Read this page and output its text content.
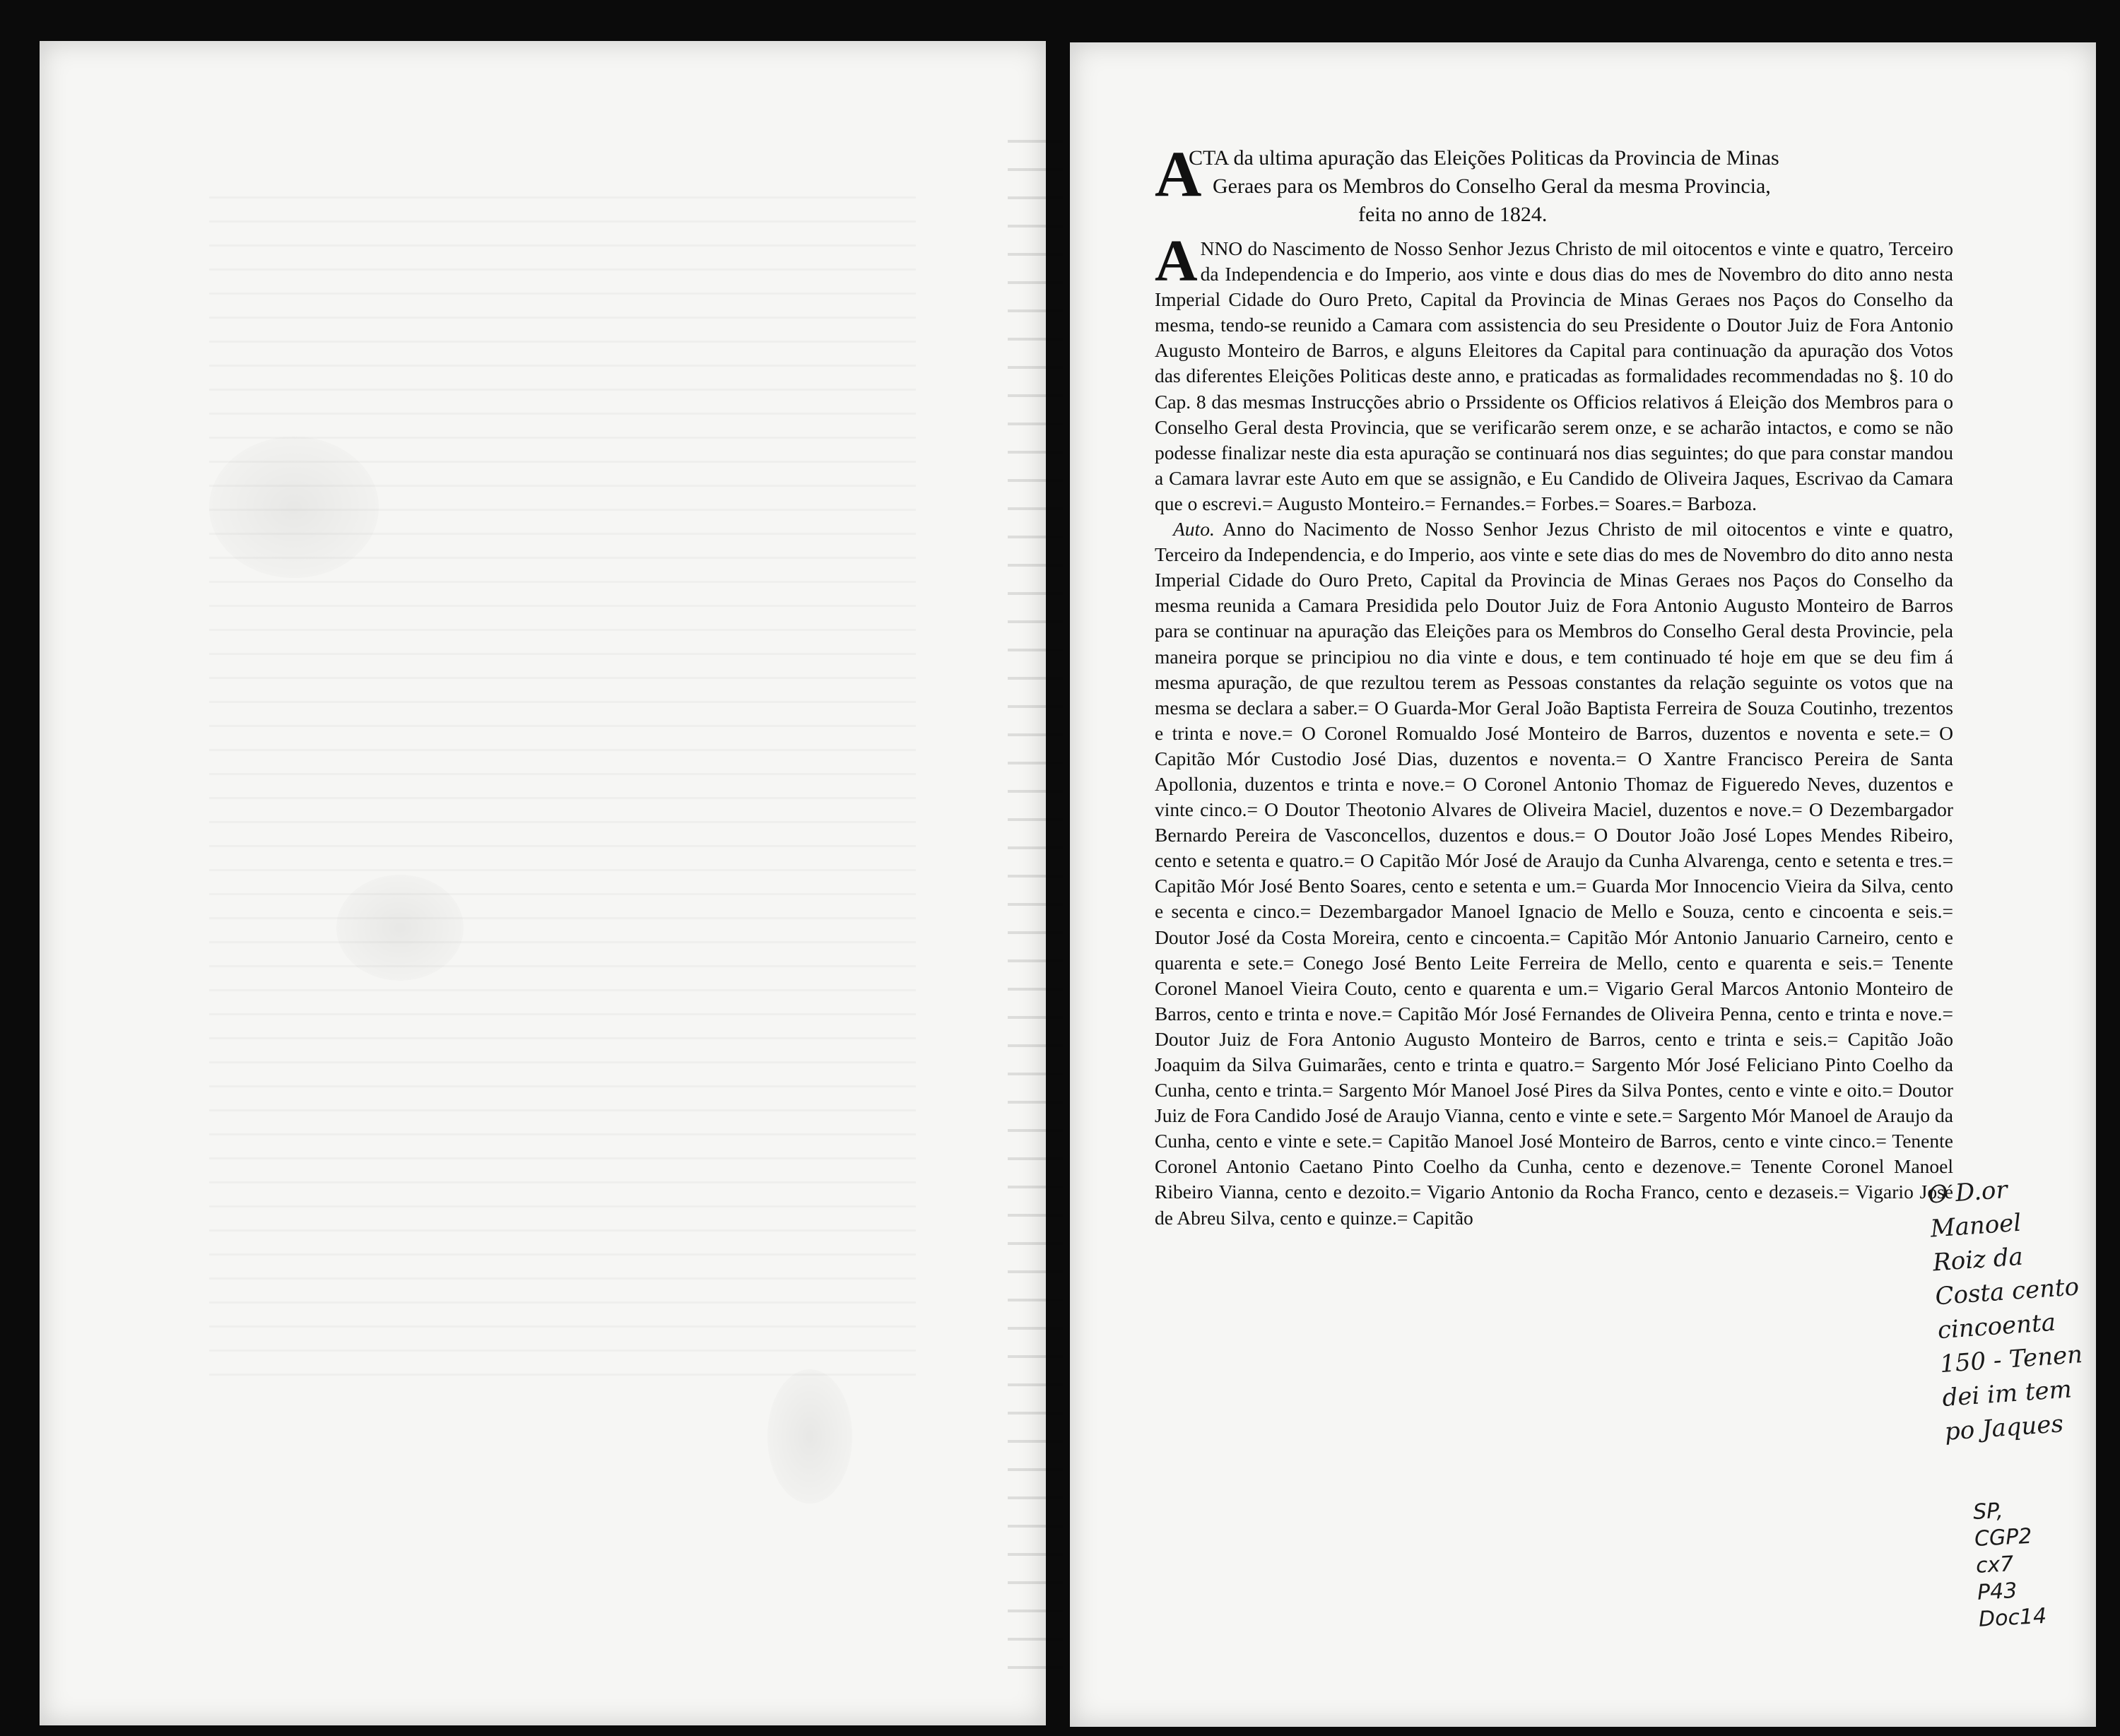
A
CTA da ultima apuração das Eleições Politicas da Provincia de Minas
Geraes para os Membros do Conselho Geral da mesma Provincia,
feita no anno de 1824.

ANNO do Nascimento de Nosso Senhor Jezus Christo de mil oitocentos e vinte e quatro, Terceiro da Independencia e do Imperio, aos vinte e dous dias do mes de Novembro do dito anno nesta Imperial Cidade do Ouro Preto, Capital da Provincia de Minas Geraes nos Paços do Conselho da mesma, tendo-se reunido a Camara com assistencia do seu Presidente o Doutor Juiz de Fora Antonio Augusto Monteiro de Barros, e alguns Eleitores da Capital para continuação da apuração dos Votos das diferentes Eleições Politicas deste anno, e praticadas as formalidades recommendadas no §. 10 do Cap. 8 das mesmas Instrucções abrio o Prssidente os Officios relativos á Eleição dos Membros para o Conselho Geral desta Provincia, que se verificarão serem onze, e se acharão intactos, e como se não podesse finalizar neste dia esta apuração se continuará nos dias seguintes; do que para constar mandou a Camara lavrar este Auto em que se assignão, e Eu Candido de Oliveira Jaques, Escrivao da Camara que o escrevi.= Augusto Monteiro.= Fernandes.= Forbes.= Soares.= Barboza.

Auto. Anno do Nacimento de Nosso Senhor Jezus Christo de mil oitocentos e vinte e quatro, Terceiro da Independencia, e do Imperio, aos vinte e sete dias do mes de Novembro do dito anno nesta Imperial Cidade do Ouro Preto, Capital da Provincia de Minas Geraes nos Paços do Conselho da mesma reunida a Camara Presidida pelo Doutor Juiz de Fora Antonio Augusto Monteiro de Barros para se continuar na apuração das Eleições para os Membros do Conselho Geral desta Provincie, pela maneira porque se principiou no dia vinte e dous, e tem continuado té hoje em que se deu fim á mesma apuração, de que rezultou terem as Pessoas constantes da relação seguinte os votos que na mesma se declara a saber.= O Guarda-Mor Geral João Baptista Ferreira de Souza Coutinho, trezentos e trinta e nove.= O Coronel Romualdo José Monteiro de Barros, duzentos e noventa e sete.= O Capitão Mór Custodio José Dias, duzentos e noventa.= O Xantre Francisco Pereira de Santa Apollonia, duzentos e trinta e nove.= O Coronel Antonio Thomaz de Figueredo Neves, duzentos e vinte cinco.= O Doutor Theotonio Alvares de Oliveira Maciel, duzentos e nove.= O Dezembargador Bernardo Pereira de Vasconcellos, duzentos e dous.= O Doutor João José Lopes Mendes Ribeiro, cento e setenta e quatro.= O Capitão Mór José de Araujo da Cunha Alvarenga, cento e setenta e tres.= Capitão Mór José Bento Soares, cento e setenta e um.= Guarda Mor Innocencio Vieira da Silva, cento e secenta e cinco.= Dezembargador Manoel Ignacio de Mello e Souza, cento e cincoenta e seis.= Doutor José da Costa Moreira, cento e cincoenta.= Capitão Mór Antonio Januario Carneiro, cento e quarenta e sete.= Conego José Bento Leite Ferreira de Mello, cento e quarenta e seis.= Tenente Coronel Manoel Vieira Couto, cento e quarenta e um.= Vigario Geral Marcos Antonio Monteiro de Barros, cento e trinta e nove.= Capitão Mór José Fernandes de Oliveira Penna, cento e trinta e nove.= Doutor Juiz de Fora Antonio Augusto Monteiro de Barros, cento e trinta e seis.= Capitão João Joaquim da Silva Guimarães, cento e trinta e quatro.= Sargento Mór José Feliciano Pinto Coelho da Cunha, cento e trinta.= Sargento Mór Manoel José Pires da Silva Pontes, cento e vinte e oito.= Doutor Juiz de Fora Candido José de Araujo Vianna, cento e vinte e sete.= Sargento Mór Manoel de Araujo da Cunha, cento e vinte e sete.= Capitão Manoel José Monteiro de Barros, cento e vinte cinco.= Tenente Coronel Antonio Caetano Pinto Coelho da Cunha, cento e dezenove.= Tenente Coronel Manoel Ribeiro Vianna, cento e dezoito.= Vigario Antonio da Rocha Franco, cento e dezaseis.= Vigario José de Abreu Silva, cento e quinze.= Capitão

O D.or Manoel
Roiz da
Costa cento
cincoenta
150 - Tenen
dei im tem
po Jaques
SP,
CGP2
cx7
P43
Doc14
